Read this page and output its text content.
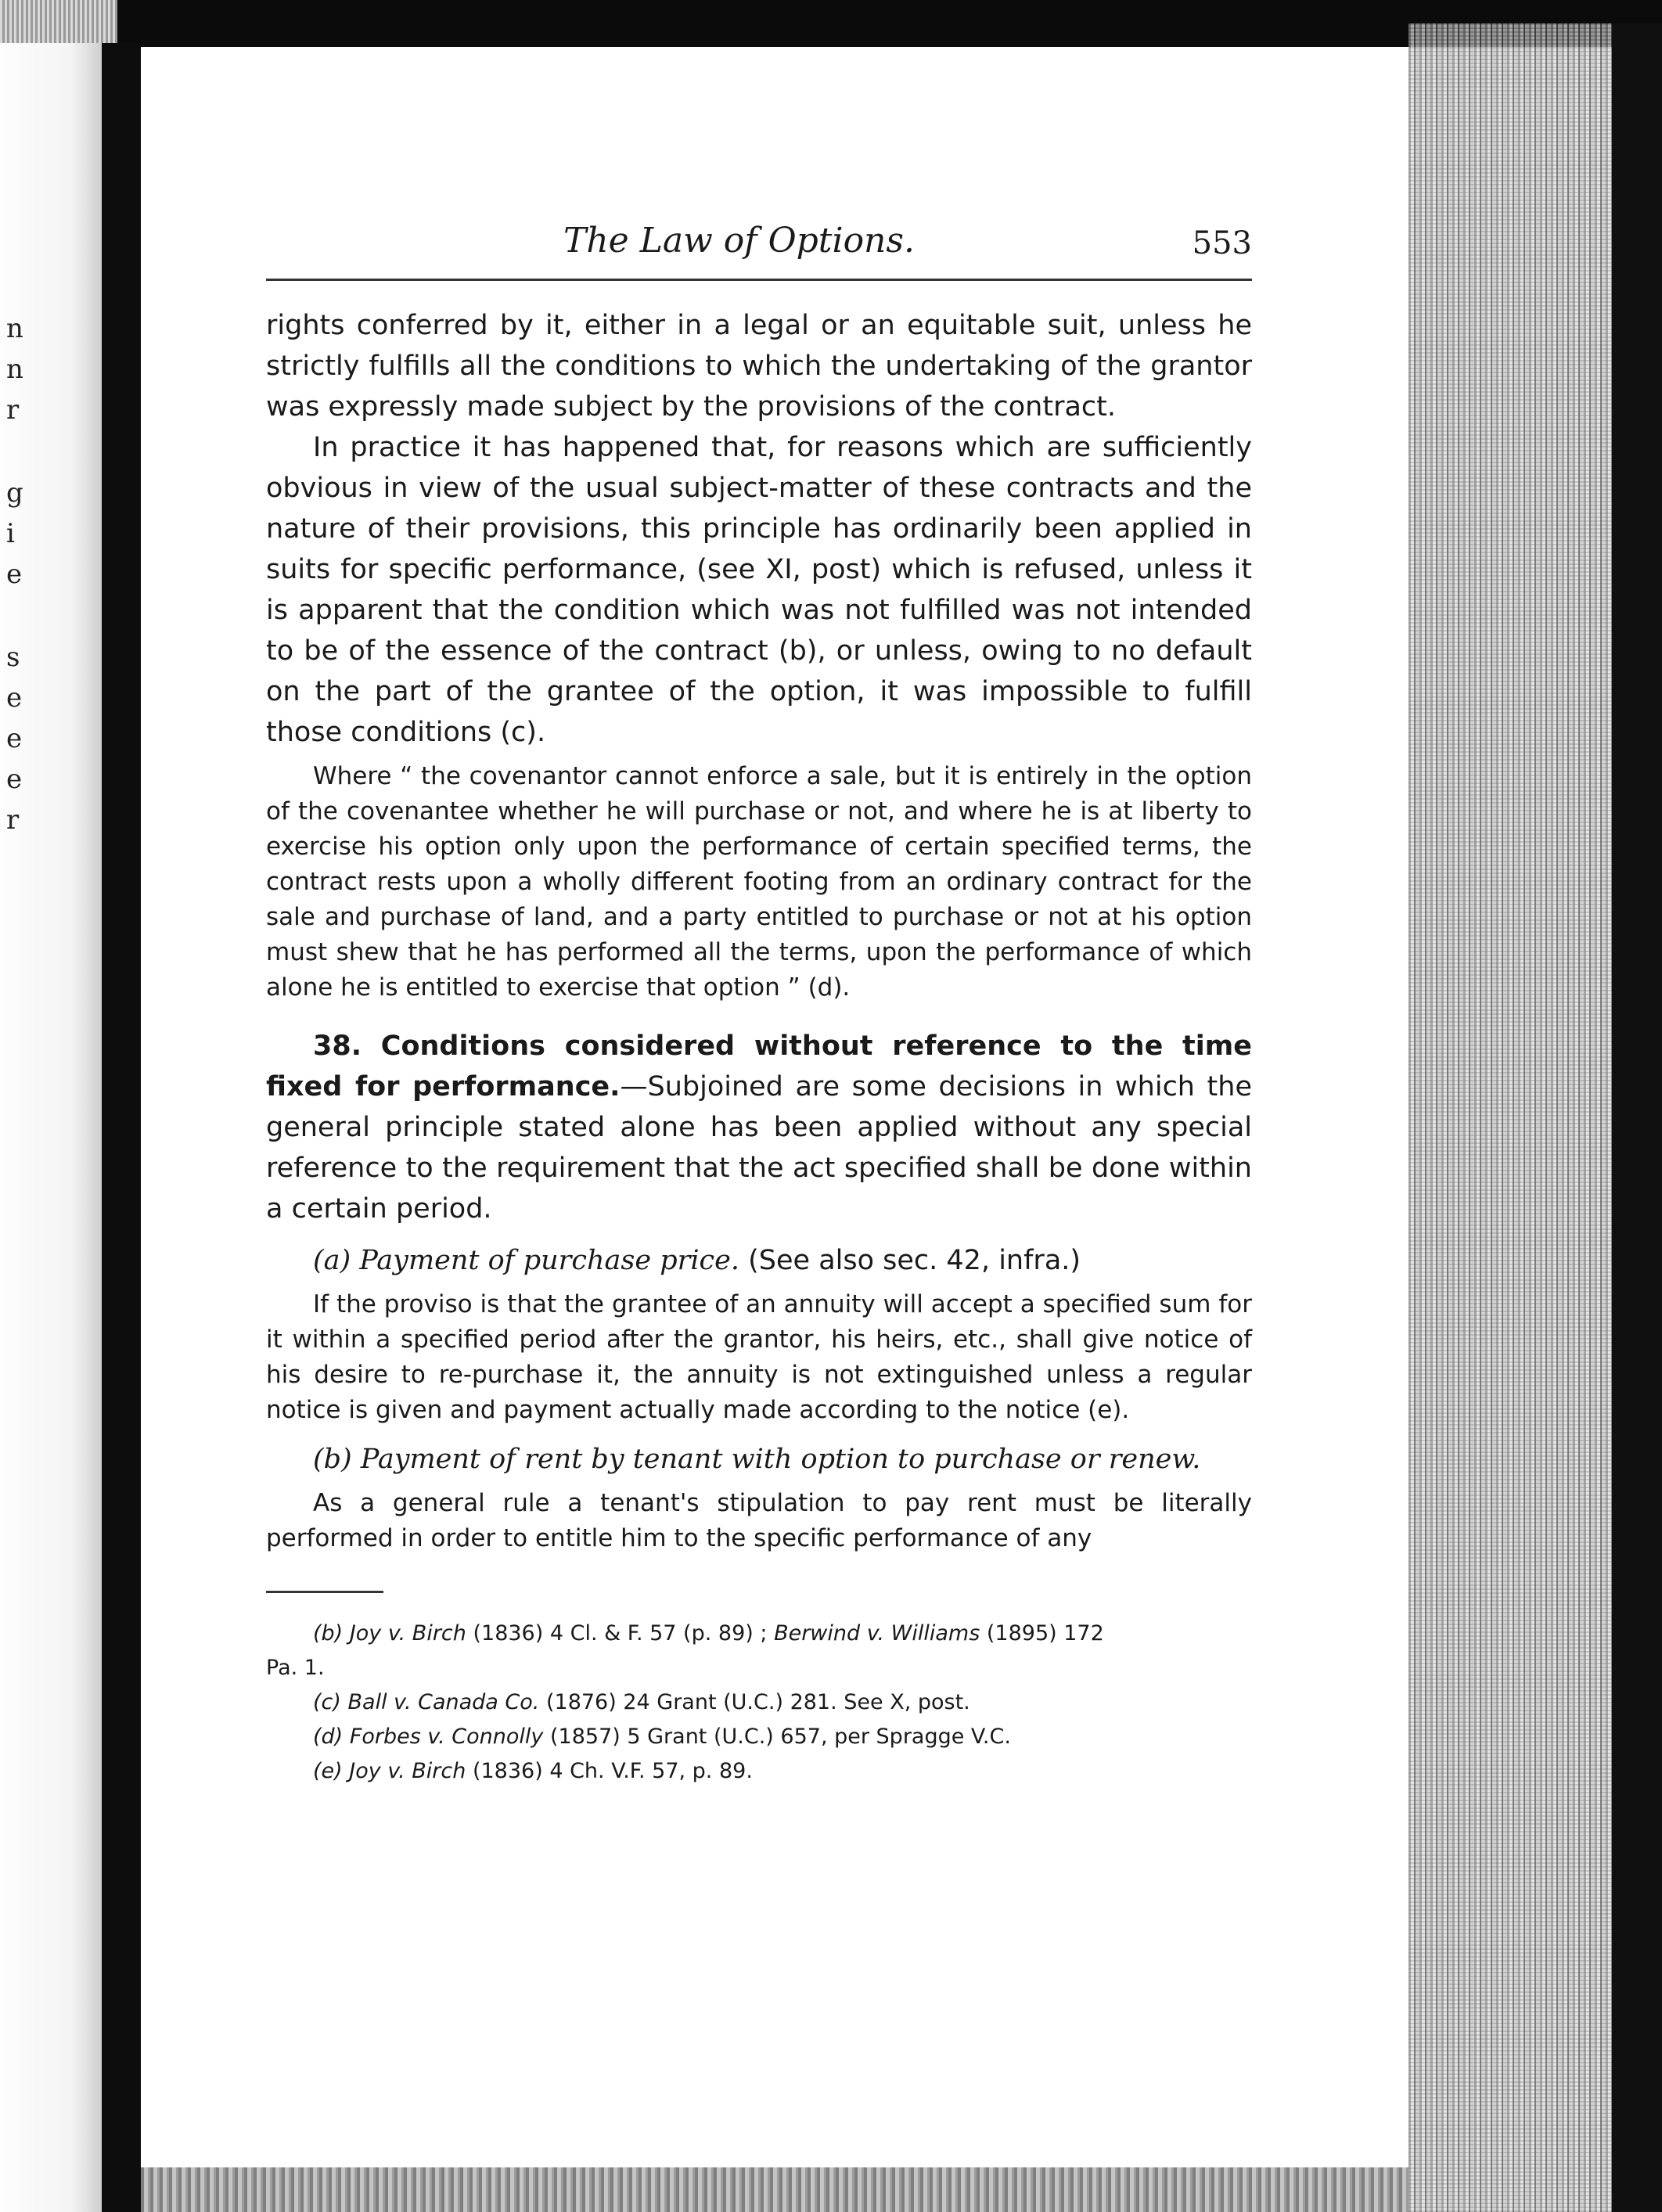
n
n
r
g
i
e
s
e
e
e
r
The Law of Options.	553

rights conferred by it, either in a legal or an equitable suit, unless he strictly fulfills all the conditions to which the undertaking of the grantor was expressly made subject by the provisions of the contract.

In practice it has happened that, for reasons which are sufficiently obvious in view of the usual subject-matter of these contracts and the nature of their provisions, this principle has ordinarily been applied in suits for specific performance, (see XI, post) which is refused, unless it is apparent that the condition which was not fulfilled was not intended to be of the essence of the contract (b), or unless, owing to no default on the part of the grantee of the option, it was impossible to fulfill those conditions (c).

Where “ the covenantor cannot enforce a sale, but it is entirely in the option of the covenantee whether he will purchase or not, and where he is at liberty to exercise his option only upon the performance of certain specified terms, the contract rests upon a wholly different footing from an ordinary contract for the sale and purchase of land, and a party entitled to purchase or not at his option must shew that he has performed all the terms, upon the performance of which alone he is entitled to exercise that option ” (d).

38. Conditions considered without reference to the time fixed for performance.—Subjoined are some decisions in which the general principle stated alone has been applied without any special reference to the requirement that the act specified shall be done within a certain period.

(a) Payment of purchase price. (See also sec. 42, infra.)

If the proviso is that the grantee of an annuity will accept a specified sum for it within a specified period after the grantor, his heirs, etc., shall give notice of his desire to re-purchase it, the annuity is not extinguished unless a regular notice is given and payment actually made according to the notice (e).

(b) Payment of rent by tenant with option to purchase or renew.

As a general rule a tenant's stipulation to pay rent must be literally performed in order to entitle him to the specific performance of any

(b) Joy v. Birch (1836) 4 Cl. & F. 57 (p. 89) ; Berwind v. Williams (1895) 172
Pa. 1.
(c) Ball v. Canada Co. (1876) 24 Grant (U.C.) 281. See X, post.
(d) Forbes v. Connolly (1857) 5 Grant (U.C.) 657, per Spragge V.C.
(e) Joy v. Birch (1836) 4 Ch. V.F. 57, p. 89.
